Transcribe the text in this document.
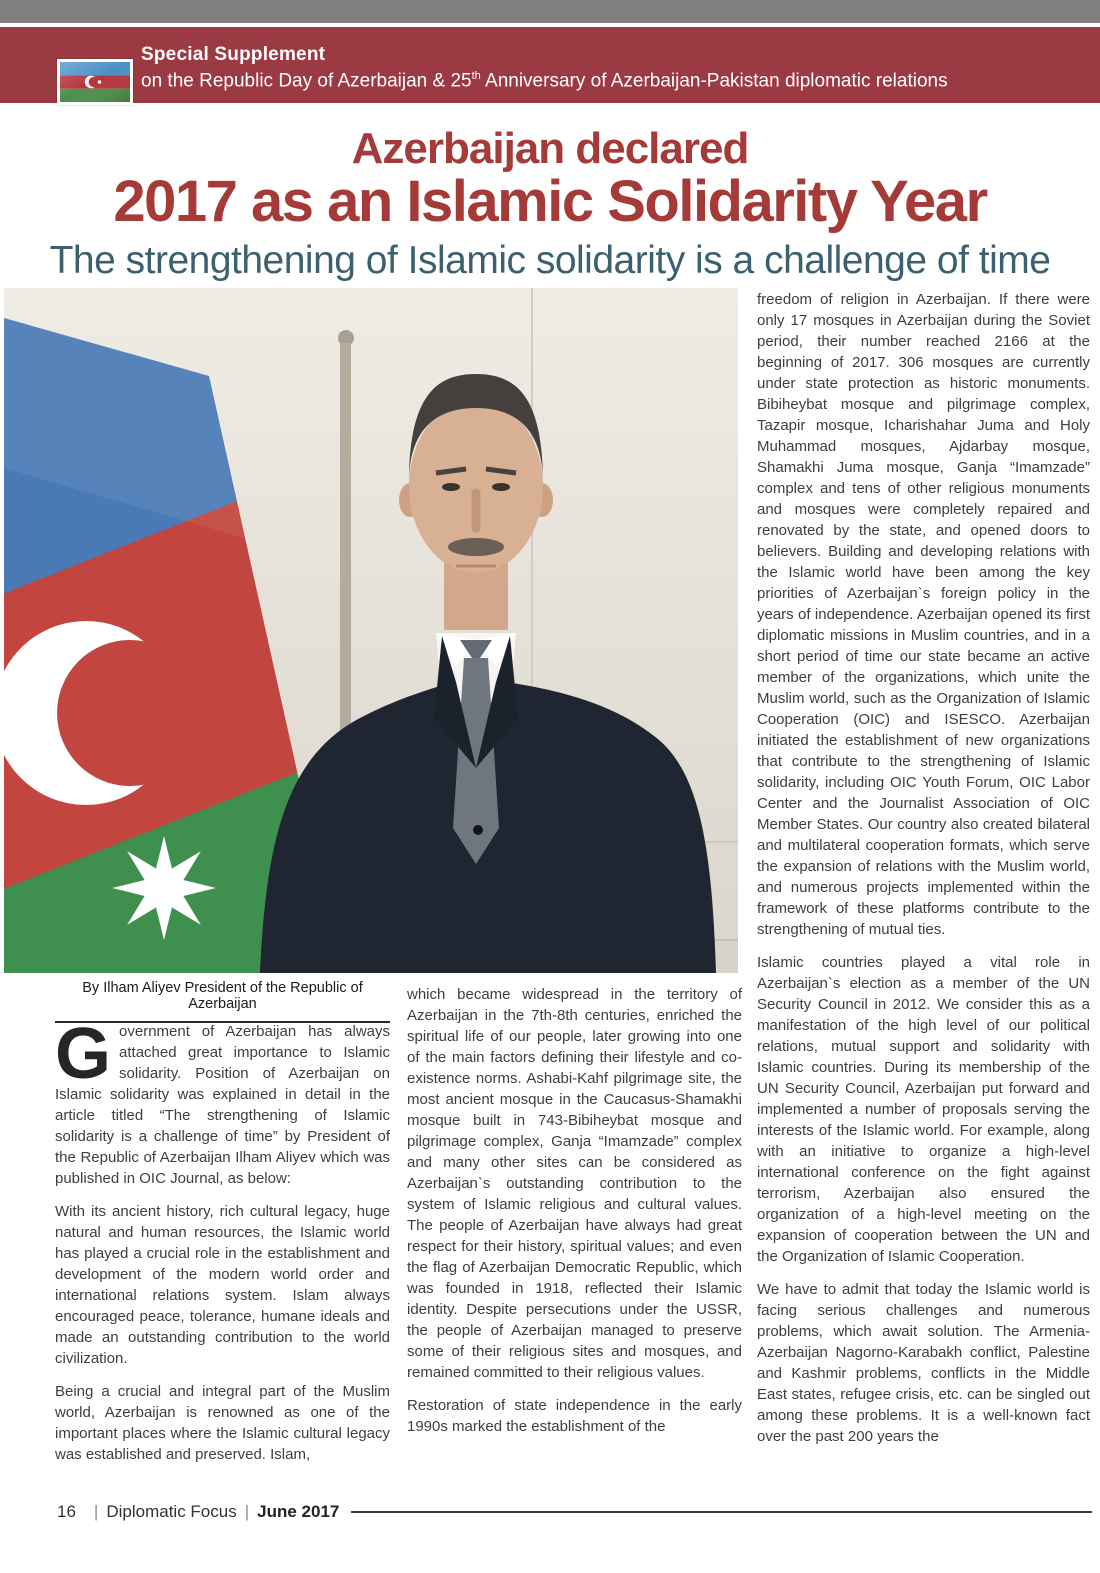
Special Supplement
on the Republic Day of Azerbaijan & 25th Anniversary of Azerbaijan-Pakistan diplomatic relations
Azerbaijan declared
2017 as an Islamic Solidarity Year
The strengthening of Islamic solidarity is a challenge of time
By Ilham Aliyev President of the Republic of Azerbaijan

Government of Azerbaijan has always attached great importance to Islamic solidarity. Position of Azerbaijan on Islamic solidarity was explained in detail in the article titled “The strengthening of Islamic solidarity is a challenge of time” by President of the Republic of Azerbaijan Ilham Aliyev which was published in OIC Journal, as below:

With its ancient history, rich cultural legacy, huge natural and human resources, the Islamic world has played a crucial role in the establishment and development of the modern world order and international relations system. Islam always encouraged peace, tolerance, humane ideals and made an outstanding contribution to the world civilization.

Being a crucial and integral part of the Muslim world, Azerbaijan is renowned as one of the important places where the Islamic cultural legacy was established and preserved. Islam,

which became widespread in the territory of Azerbaijan in the 7th-8th centuries, enriched the spiritual life of our people, later growing into one of the main factors defining their lifestyle and co-existence norms. Ashabi-Kahf pilgrimage site, the most ancient mosque in the Caucasus-Shamakhi mosque built in 743-Bibiheybat mosque and pilgrimage complex, Ganja “Imamzade” complex and many other sites can be considered as Azerbaijan`s outstanding contribution to the system of Islamic religious and cultural values. The people of Azerbaijan have always had great respect for their history, spiritual values; and even the flag of Azerbaijan Democratic Republic, which was founded in 1918, reflected their Islamic identity. Despite persecutions under the USSR, the people of Azerbaijan managed to preserve some of their religious sites and mosques, and remained committed to their religious values.

Restoration of state independence in the early 1990s marked the establishment of the

freedom of religion in Azerbaijan. If there were only 17 mosques in Azerbaijan during the Soviet period, their number reached 2166 at the beginning of 2017. 306 mosques are currently under state protection as historic monuments. Bibiheybat mosque and pilgrimage complex, Tazapir mosque, Icharishahar Juma and Holy Muhammad mosques, Ajdarbay mosque, Shamakhi Juma mosque, Ganja “Imamzade” complex and tens of other religious monuments and mosques were completely repaired and renovated by the state, and opened doors to believers. Building and developing relations with the Islamic world have been among the key priorities of Azerbaijan`s foreign policy in the years of independence. Azerbaijan opened its first diplomatic missions in Muslim countries, and in a short period of time our state became an active member of the organizations, which unite the Muslim world, such as the Organization of Islamic Cooperation (OIC) and ISESCO. Azerbaijan initiated the establishment of new organizations that contribute to the strengthening of Islamic solidarity, including OIC Youth Forum, OIC Labor Center and the Journalist Association of OIC Member States. Our country also created bilateral and multilateral cooperation formats, which serve the expansion of relations with the Muslim world, and numerous projects implemented within the framework of these platforms contribute to the strengthening of mutual ties.

Islamic countries played a vital role in Azerbaijan`s election as a member of the UN Security Council in 2012. We consider this as a manifestation of the high level of our political relations, mutual support and solidarity with Islamic countries. During its membership of the UN Security Council, Azerbaijan put forward and implemented a number of proposals serving the interests of the Islamic world. For example, along with an initiative to organize a high-level international conference on the fight against terrorism, Azerbaijan also ensured the organization of a high-level meeting on the expansion of cooperation between the UN and the Organization of Islamic Cooperation.

We have to admit that today the Islamic world is facing serious challenges and numerous problems, which await solution. The Armenia-Azerbaijan Nagorno-Karabakh conflict, Palestine and Kashmir problems, conflicts in the Middle East states, refugee crisis, etc. can be singled out among these problems. It is a well-known fact over the past 200 years the

16 | Diplomatic Focus | June 2017
